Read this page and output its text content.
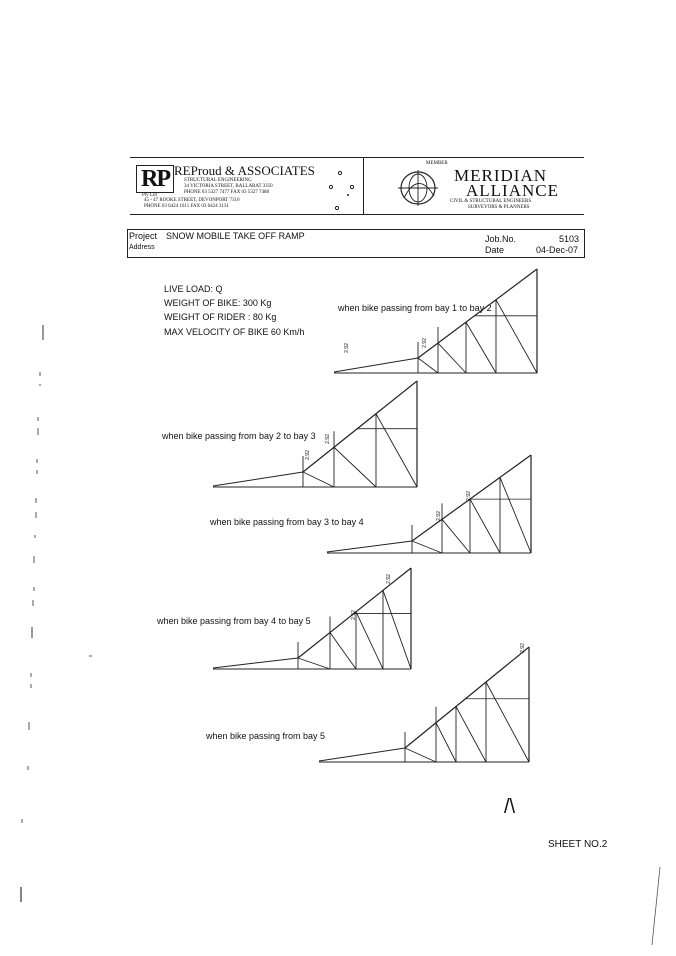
RP
Pty Ltd
REProud & ASSOCIATES
STRUCTURAL ENGINEERING
34 VICTORIA STREET, BALLARAT 3350
PHONE 03 5327 7477 FAX 03 5327 7488
45 - 47 ROOKE STREET, DEVONPORT 7310
PHONE 03 6424 1611 FAX 03 6424 3131
MEMBER
MERIDIAN
ALLIANCE
CIVIL & STRUCTURAL ENGINEERS
SURVEYORS & PLANNERS
Project SNOW MOBILE TAKE OFF RAMP
Address
Job.No.	5103
Date	04-Dec-07
LIVE LOAD: Q
WEIGHT OF BIKE: 300 Kg
WEIGHT OF RIDER : 80 Kg
MAX VELOCITY OF BIKE 60 Km/h
when bike passing from bay 1 to bay 2
when bike passing from bay 2 to bay 3
when bike passing from bay 3 to bay 4
when bike passing from bay 4 to bay 5
when bike passing from bay 5
2.92
2.92
2.92
2.92
2.92
2.92
2.92
2.92
2.92
/\
SHEET NO.2
